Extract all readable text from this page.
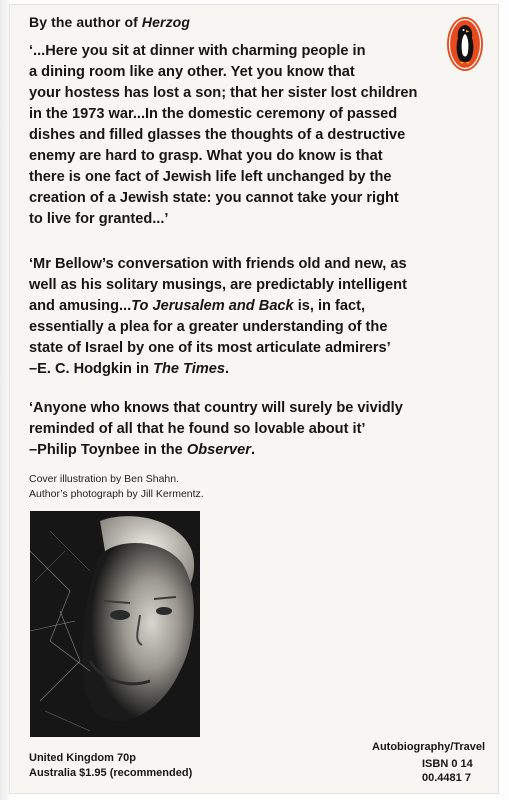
By the author of Herzog

‘...Here you sit at dinner with charming people in
a dining room like any other. Yet you know that
your hostess has lost a son; that her sister lost children
in the 1973 war...In the domestic ceremony of passed
dishes and filled glasses the thoughts of a destructive
enemy are hard to grasp. What you do know is that
there is one fact of Jewish life left unchanged by the
creation of a Jewish state: you cannot take your right
to live for granted...’

‘Mr Bellow’s conversation with friends old and new, as
well as his solitary musings, are predictably intelligent
and amusing...To Jerusalem and Back is, in fact,
essentially a plea for a greater understanding of the
state of Israel by one of its most articulate admirers’
–E. C. Hodgkin in The Times.

‘Anyone who knows that country will surely be vividly
reminded of all that he found so lovable about it’
–Philip Toynbee in the Observer.

Cover illustration by Ben Shahn.
Author’s photograph by Jill Kermentz.
United Kingdom 70p
Australia $1.95 (recommended)
Autobiography/Travel
ISBN 0 14
00.4481 7
